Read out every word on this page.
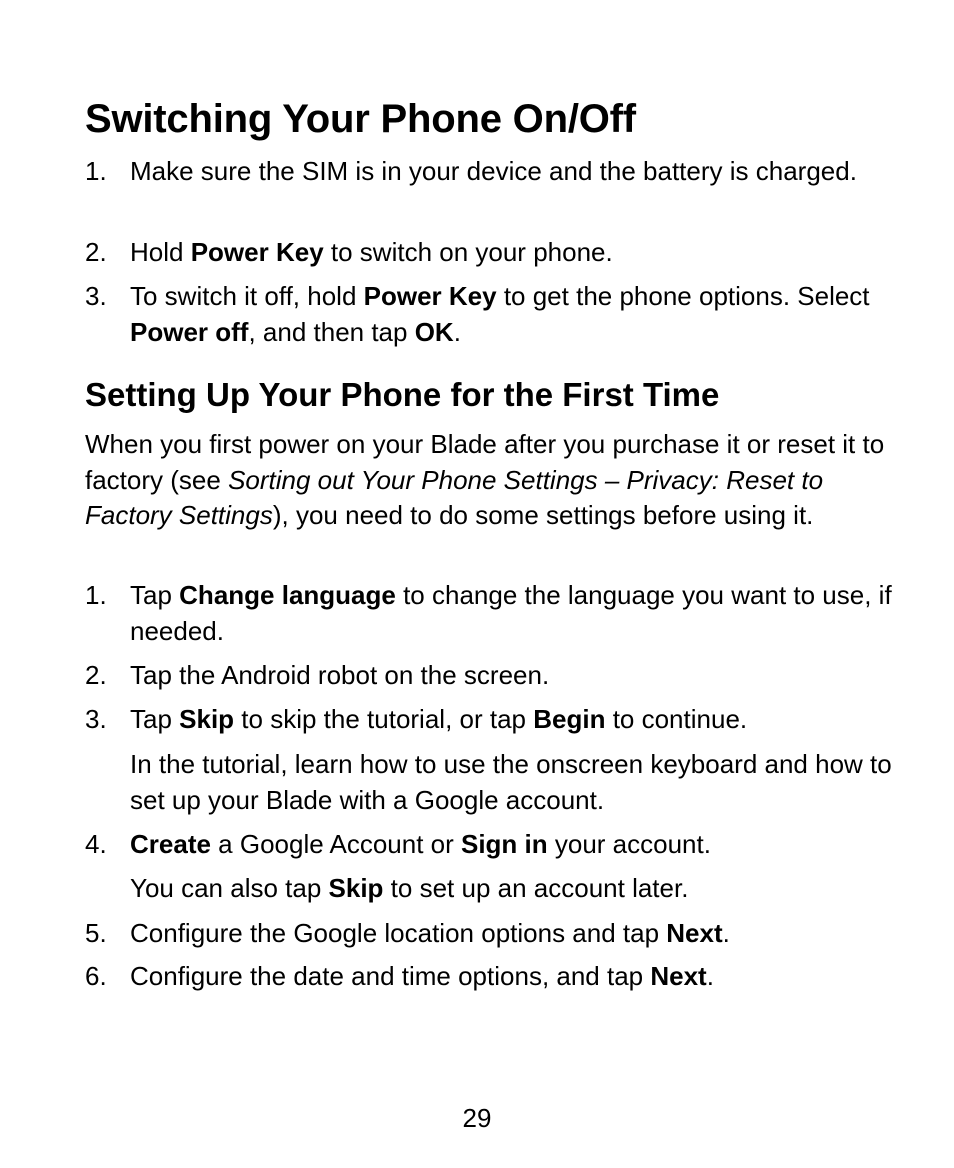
Switching Your Phone On/Off
1. Make sure the SIM is in your device and the battery is charged.
2. Hold Power Key to switch on your phone.
3. To switch it off, hold Power Key to get the phone options. Select Power off, and then tap OK.
Setting Up Your Phone for the First Time

When you first power on your Blade after you purchase it or reset it to factory (see Sorting out Your Phone Settings – Privacy: Reset to Factory Settings), you need to do some settings before using it.

1. Tap Change language to change the language you want to use, if needed.
2. Tap the Android robot on the screen.
3. Tap Skip to skip the tutorial, or tap Begin to continue.
In the tutorial, learn how to use the onscreen keyboard and how to set up your Blade with a Google account.
4. Create a Google Account or Sign in your account.
You can also tap Skip to set up an account later.
5. Configure the Google location options and tap Next.
6. Configure the date and time options, and tap Next.
29
